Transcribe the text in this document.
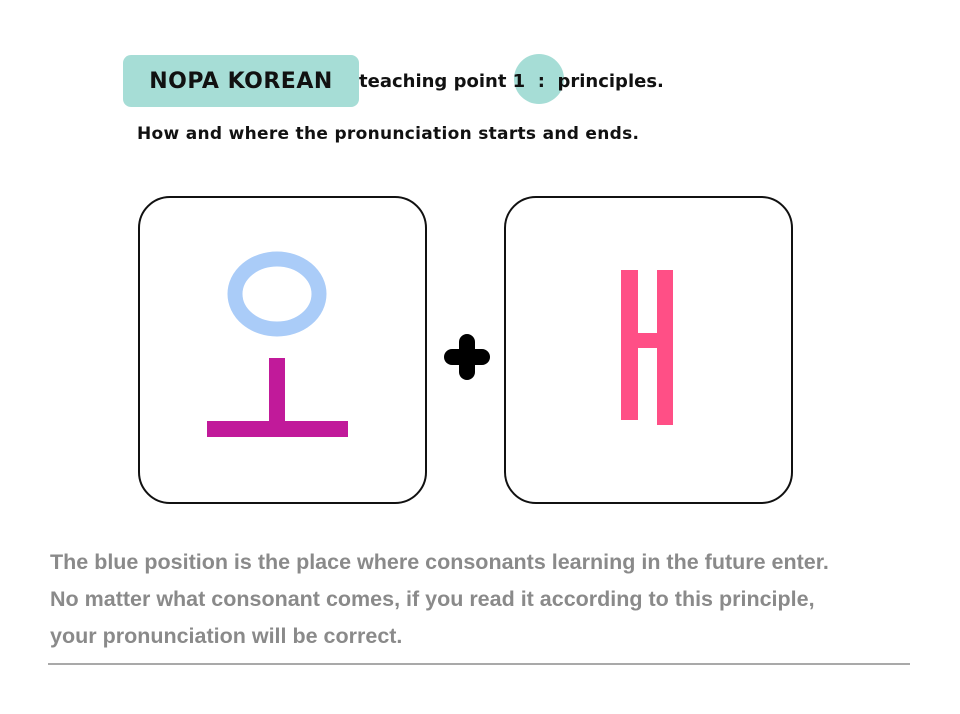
NOPA KOREAN teaching point 1  :  principles.
How and where the pronunciation starts and ends.
The blue position is the place where consonants learning in the future enter.
No matter what consonant comes, if you read it according to this principle,
your pronunciation will be correct.
